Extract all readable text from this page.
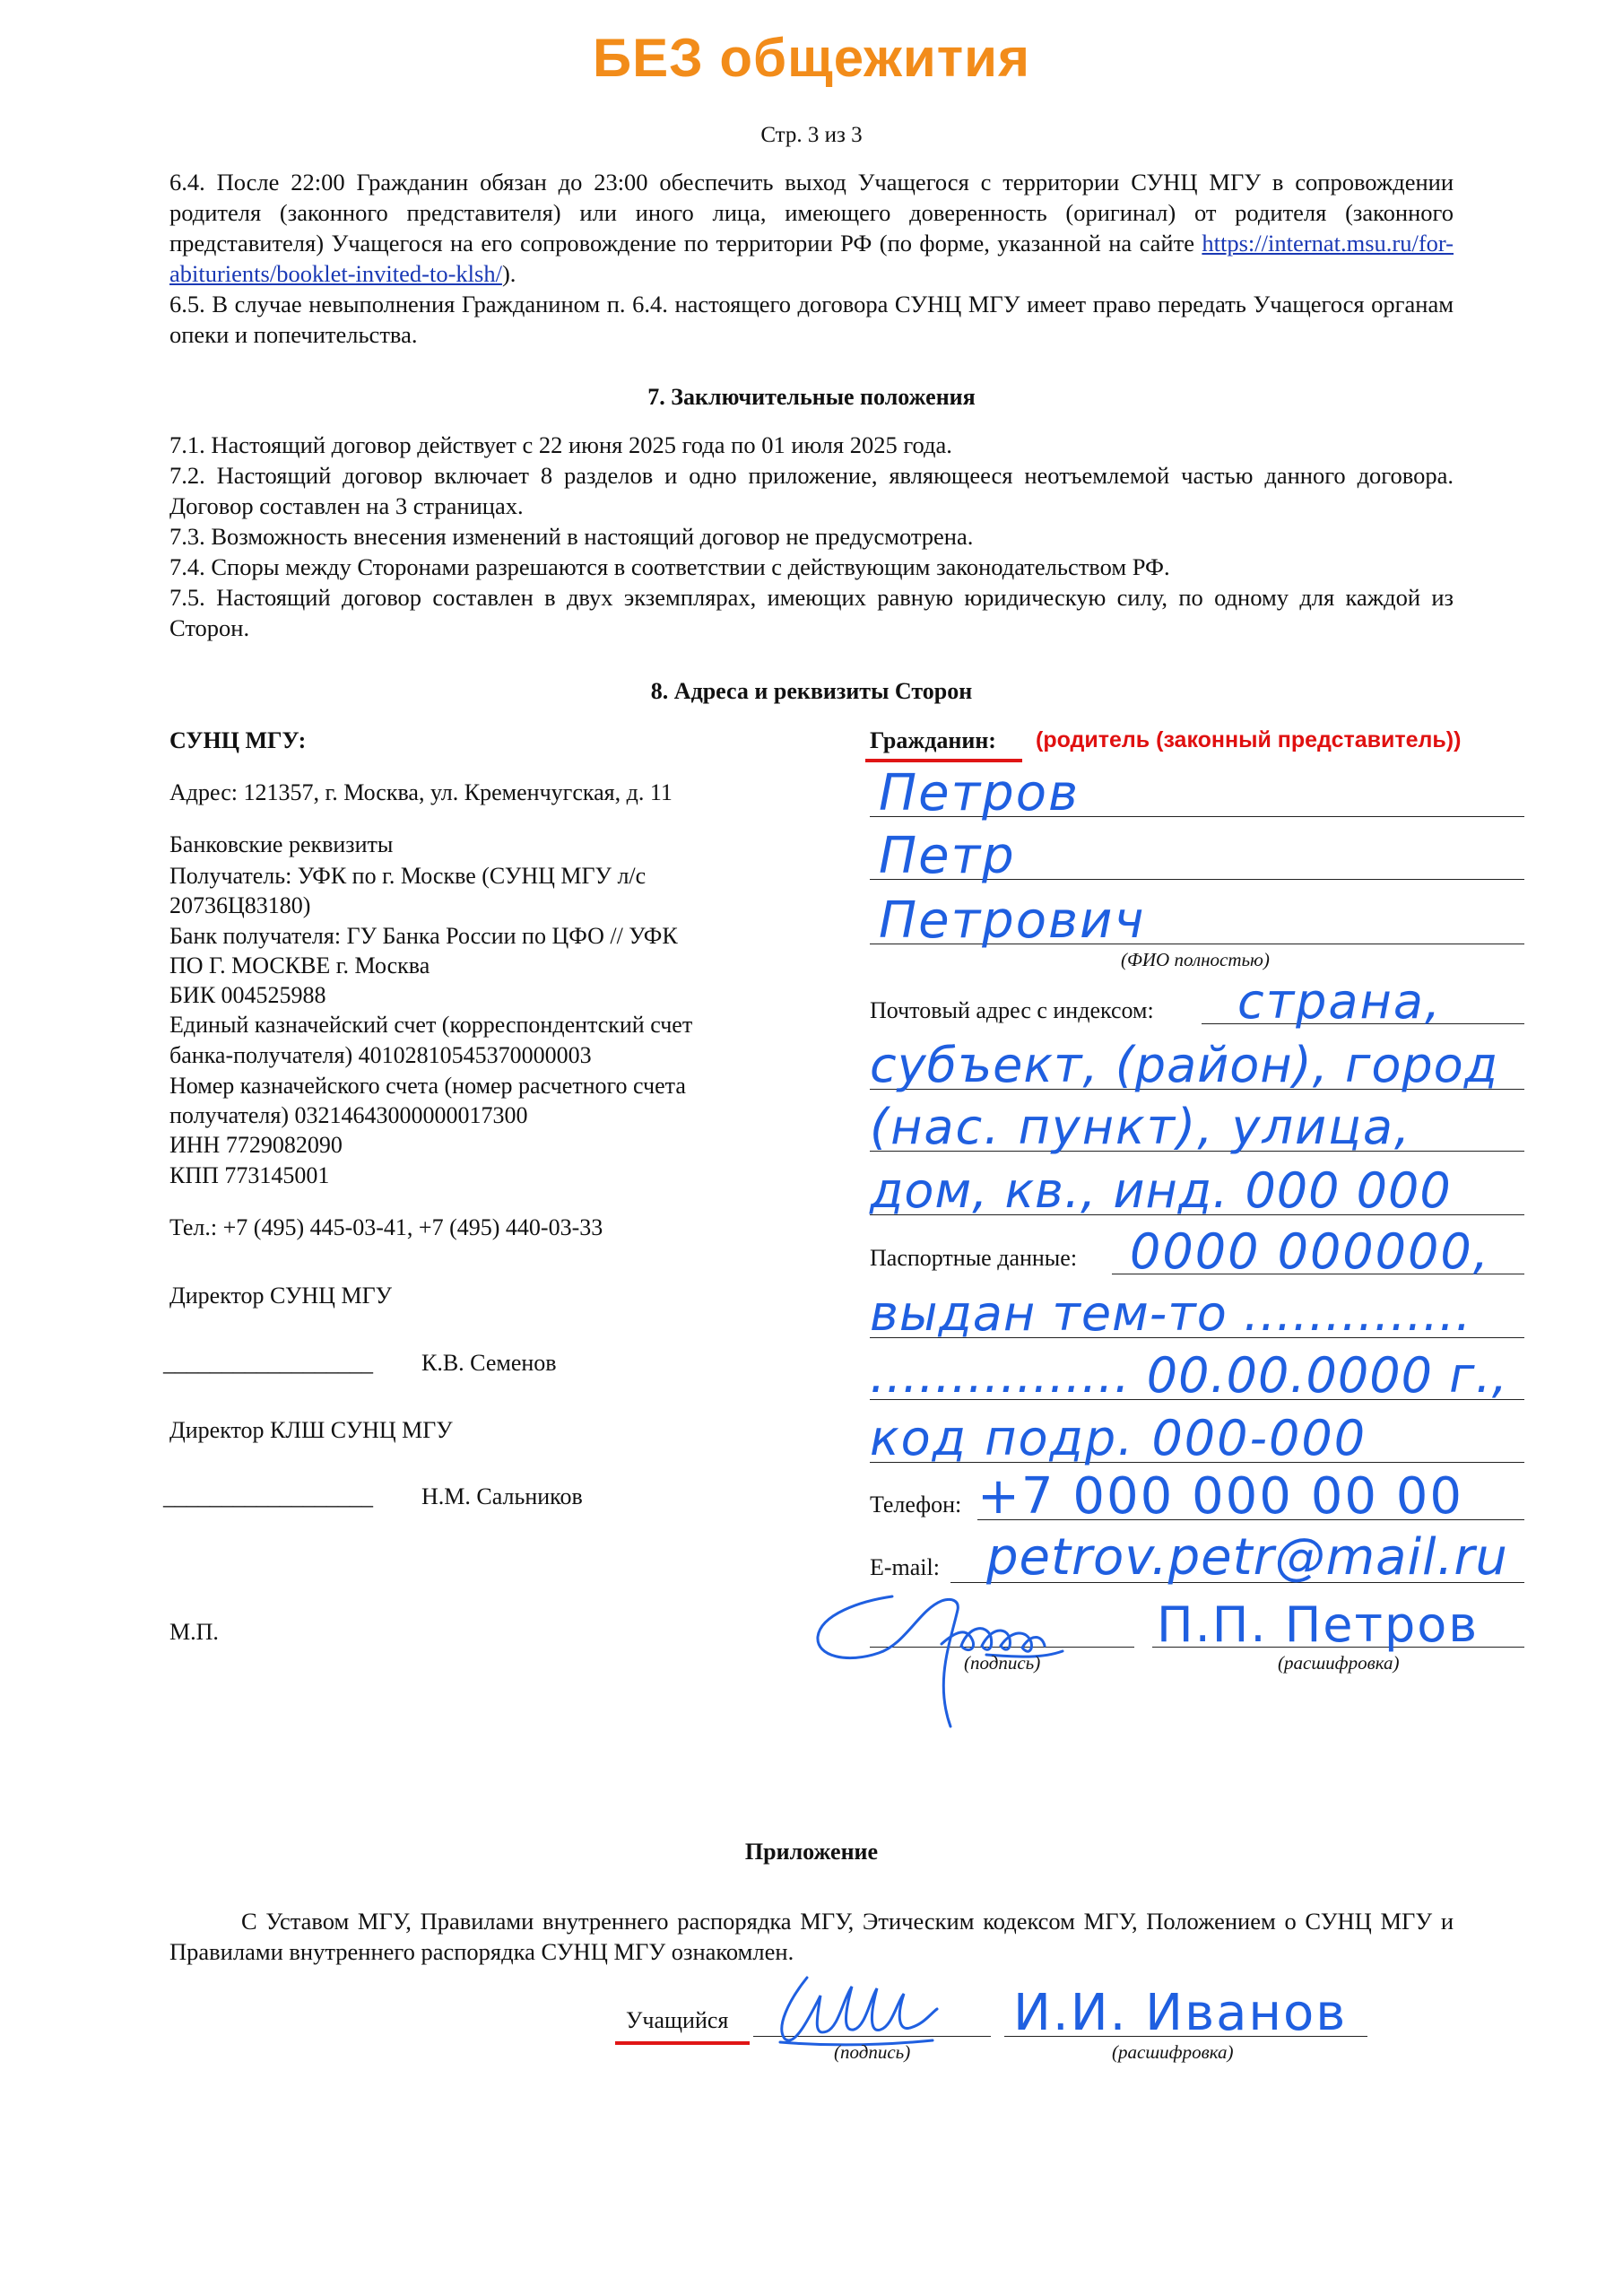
БЕЗ общежития
Стр. 3 из 3
6.4. После 22:00 Гражданин обязан до 23:00 обеспечить выход Учащегося с территории СУНЦ МГУ в сопровождении родителя (законного представителя) или иного лица, имеющего доверенность (оригинал) от родителя (законного представителя) Учащегося на его сопровождение по территории РФ (по форме, указанной на сайте https://internat.msu.ru/for-abiturients/booklet-invited-to-klsh/).
6.5. В случае невыполнения Гражданином п. 6.4. настоящего договора СУНЦ МГУ имеет право передать Учащегося органам опеки и попечительства.
7. Заключительные положения
7.1. Настоящий договор действует с 22 июня 2025 года по 01 июля 2025 года.
7.2. Настоящий договор включает 8 разделов и одно приложение, являющееся неотъемлемой частью данного договора. Договор составлен на 3 страницах.
7.3. Возможность внесения изменений в настоящий договор не предусмотрена.
7.4. Споры между Сторонами разрешаются в соответствии с действующим законодательством РФ.
7.5. Настоящий договор составлен в двух экземплярах, имеющих равную юридическую силу, по одному для каждой из Сторон.
8. Адреса и реквизиты Сторон
СУНЦ МГУ:
Адрес: 121357, г. Москва, ул. Кременчугская, д. 11
Банковские реквизиты
Получатель: УФК по г. Москве (СУНЦ МГУ л/с
20736Ц83180)
Банк получателя: ГУ Банка России по ЦФО // УФК
ПО Г. МОСКВЕ г. Москва
БИК 004525988
Единый казначейский счет (корреспондентский счет
банка-получателя) 40102810545370000003
Номер казначейского счета (номер расчетного счета
получателя) 03214643000000017300
ИНН 7729082090
КПП 773145001
Тел.: +7 (495) 445-03-41, +7 (495) 440-03-33
Директор СУНЦ МГУ
__________________ К.В. Семенов
Директор КЛШ СУНЦ МГУ
__________________ Н.М. Сальников
М.П.
Гражданин: (родитель (законный представитель))
Петров
Петр
Петрович
(ФИО полностью)
Почтовый адрес с индексом: страна,
субъект, (район), город
(нас. пункт), улица,
дом, кв., инд. 000 000
Паспортные данные: 0000 000000,
выдан тем-то ..............
................ 00.00.0000 г.,
код подр. 000-000
Телефон: +7 000 000 00 00
E-mail: petrov.petr@mail.ru
(подпись)
П.П. Петров
(расшифровка)
Приложение
С Уставом МГУ, Правилами внутреннего распорядка МГУ, Этическим кодексом МГУ, Положением о СУНЦ МГУ и Правилами внутреннего распорядка СУНЦ МГУ ознакомлен.
Учащийся
(подпись)
И.И. Иванов
(расшифровка)
